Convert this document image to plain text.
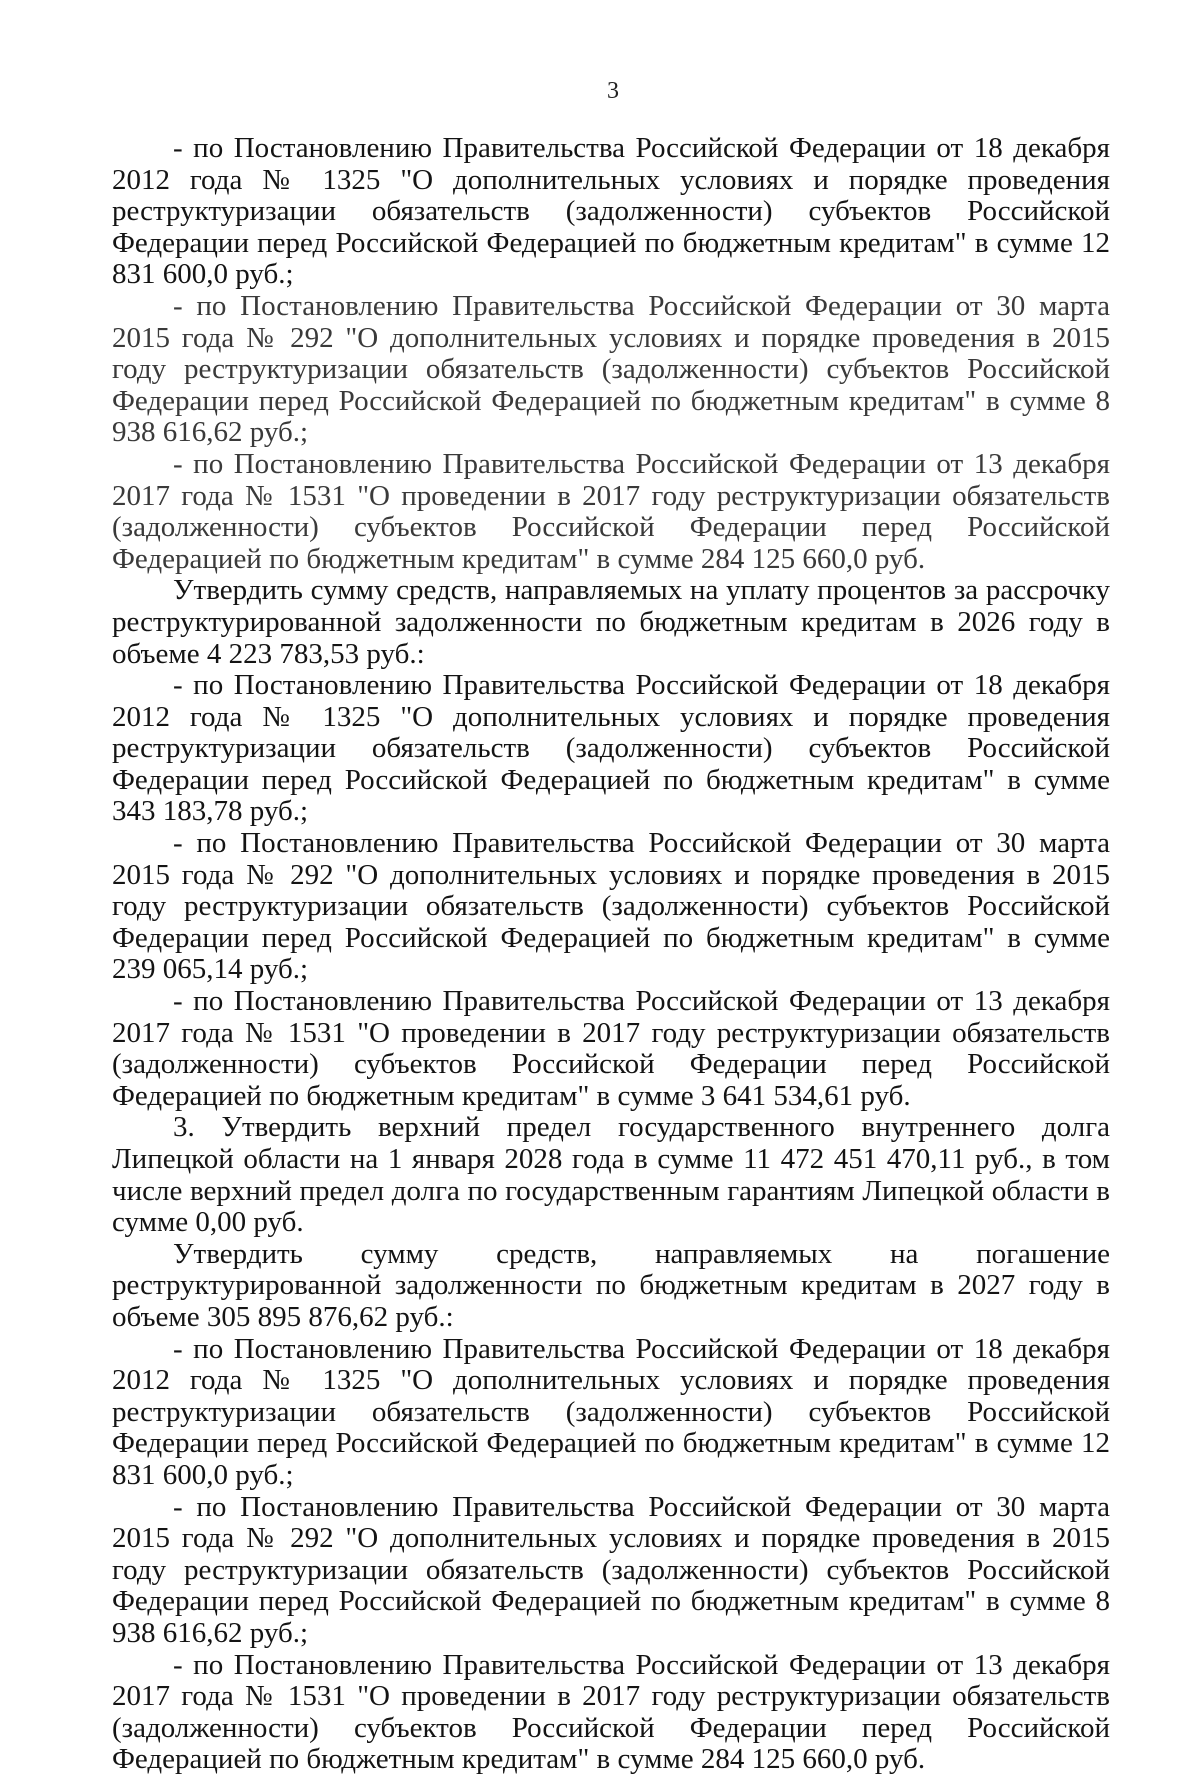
3

- по Постановлению Правительства Российской Федерации от 18 декабря 2012 года № 1325 "О дополнительных условиях и порядке проведения реструктуризации обязательств (задолженности) субъектов Российской Федерации перед Российской Федерацией по бюджетным кредитам" в сумме 12 831 600,0 руб.;

- по Постановлению Правительства Российской Федерации от 30 марта 2015 года № 292 "О дополнительных условиях и порядке проведения в 2015 году реструктуризации обязательств (задолженности) субъектов Российской Федерации перед Российской Федерацией по бюджетным кредитам" в сумме 8 938 616,62 руб.;

- по Постановлению Правительства Российской Федерации от 13 декабря 2017 года № 1531 "О проведении в 2017 году реструктуризации обязательств (задолженности) субъектов Российской Федерации перед Российской Федерацией по бюджетным кредитам" в сумме 284 125 660,0 руб.

Утвердить сумму средств, направляемых на уплату процентов за рассрочку реструктурированной задолженности по бюджетным кредитам в 2026 году в объеме 4 223 783,53 руб.:

- по Постановлению Правительства Российской Федерации от 18 декабря 2012 года № 1325 "О дополнительных условиях и порядке проведения реструктуризации обязательств (задолженности) субъектов Российской Федерации перед Российской Федерацией по бюджетным кредитам" в сумме 343 183,78 руб.;

- по Постановлению Правительства Российской Федерации от 30 марта 2015 года № 292 "О дополнительных условиях и порядке проведения в 2015 году реструктуризации обязательств (задолженности) субъектов Российской Федерации перед Российской Федерацией по бюджетным кредитам" в сумме 239 065,14 руб.;

- по Постановлению Правительства Российской Федерации от 13 декабря 2017 года № 1531 "О проведении в 2017 году реструктуризации обязательств (задолженности) субъектов Российской Федерации перед Российской Федерацией по бюджетным кредитам" в сумме 3 641 534,61 руб.

3. Утвердить верхний предел государственного внутреннего долга Липецкой области на 1 января 2028 года в сумме 11 472 451 470,11 руб., в том числе верхний предел долга по государственным гарантиям Липецкой области в сумме 0,00 руб.

Утвердить сумму средств, направляемых на погашение реструктурированной задолженности по бюджетным кредитам в 2027 году в объеме 305 895 876,62 руб.:

- по Постановлению Правительства Российской Федерации от 18 декабря 2012 года № 1325 "О дополнительных условиях и порядке проведения реструктуризации обязательств (задолженности) субъектов Российской Федерации перед Российской Федерацией по бюджетным кредитам" в сумме 12 831 600,0 руб.;

- по Постановлению Правительства Российской Федерации от 30 марта 2015 года № 292 "О дополнительных условиях и порядке проведения в 2015 году реструктуризации обязательств (задолженности) субъектов Российской Федерации перед Российской Федерацией по бюджетным кредитам" в сумме 8 938 616,62 руб.;

- по Постановлению Правительства Российской Федерации от 13 декабря 2017 года № 1531 "О проведении в 2017 году реструктуризации обязательств (задолженности) субъектов Российской Федерации перед Российской Федерацией по бюджетным кредитам" в сумме 284 125 660,0 руб.
